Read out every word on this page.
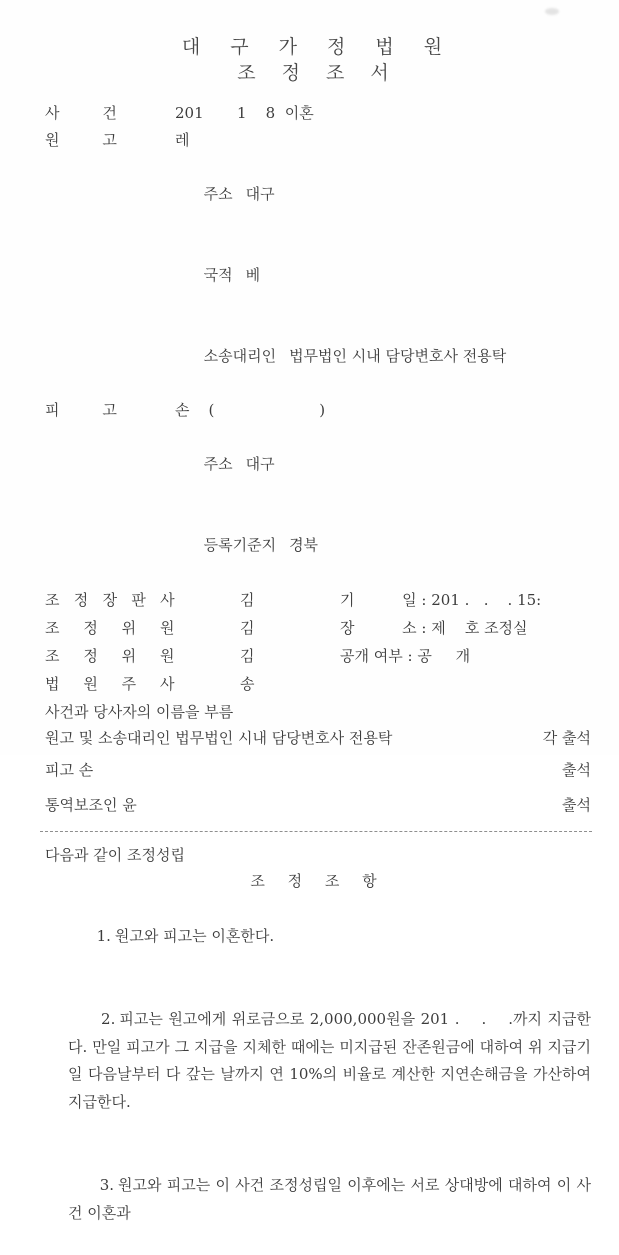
대 구 가 정 법 원
조 정 조 서
사         건	201       1    8  이혼
원         고	레

주소 대구

국적 베

소송대리인 법무법인 시내 담당변호사 전용탁

피         고	손    (                      )

주소 대구

등록기준지 경북

조   정   장   판   사	김	기          일 : 201 .   .    . 15:
조     정     위     원	김	장          소 : 제    호 조정실
조     정     위     원	김	공개 여부 : 공     개
법     원     주     사	송
사건과 당사자의 이름을 부름
원고 및 소송대리인 법무법인 시내 담당변호사 전용탁	각 출석
피고 손	출석
통역보조인 윤	출석
다음과 같이 조정성립
조 정 조 항

1. 원고와 피고는 이혼한다.

2. 피고는 원고에게 위로금으로 2,000,000원을 201 .    .    .까지 지급한다. 만일 피고가 그 지급을 지체한 때에는 미지급된 잔존원금에 대하여 위 지급기일 다음날부터 다 갚는 날까지 연 10%의 비율로 계산한 지연손해금을 가산하여 지급한다.

3. 원고와 피고는 이 사건 조정성립일 이후에는 서로 상대방에 대하여 이 사건 이혼과
